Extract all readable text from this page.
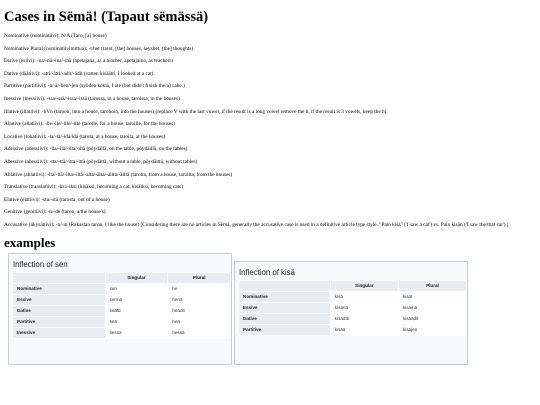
Cases in Sëmä! (Tapaut sëmässä)

Nominative (nominatiivi): N/A (Taro, [a] house)

Nominative Plural (nominatiivimittua): -t/het (tarot, [the] houses, šeyshet, [the] thoughts)

Essive (esiivi): -na/-nä/-ina/-inä (apetajana, as a teacher, apetajaina, as teachers)

Dative (däätiivi): -atti/-ätti/-adit/-ädit (vatten kisäätti, I looked at a cat).

Partitive (partitiivi): -a/-ä/-hen/-jen (syöden kekiä, I ate (but didn't finish the/a) cake.)

Inessive (inessiivi): -ssa/-ssä/-issa/-issä (tarossa, in a house, taroissa, in the houses)

Illative (illatiivi): -hVn (taroon, into a house, tarohoin, into the houses) [replace V with the last vowel, if the result is a long vowel remove the h, if the result is 3 vowels, keep the h].

Allative (allatiivi): -lle/-lle/-ille/-ille (tarolle, for a house, taroille, for the houses)

Locative (lokatiivi): -ta/-tä/-ida/idä (tarota, at a house, taroita, at the houses)

Adessive (adessiivi): -lla/-llä/-illa/-illä (pöydällä, on the table, pöydäillä, on the tables)

Abessive (abessiivi): -tta/-ttä/-itta/-ittä (pöydättä, without a table, pöydäittä, without tables)

Ablative (ablatiivi): -lta/-ltä/-ilta/-iltä/-alta/-ältä/-ailta/-äiltä (tarolta, from a house, taroilta, from the houses)

Translative (translatiivi): -ksi/-iksi (kisäksi, becoming a cat, kisäiksi, becoming cats)

Elative (elatiivi): -sta/-stä (tarosta, out of a house)

Genitive (genitiivi): -n/-de (taron, a/the house's)

Accusative (äkysätiivi): -n/-in (Rakastan taron, I like the house) [Considering there are no articles in Sëmä, generally the accusative case is used in a definitive article type style. "Pain kisä" ('I saw a cat') vs. Pain kisän ('I saw the/that cat').]

examples
Inflection of sen
	Singular	Plural
Nominative	sen	he
Essive	sennä	henä
Dative	seätti	heädit
Partitive	seä	heä
Inessive	sessä	hessä
Inflection of kisä
	Singular	Plural
Nominative	kisä	kisät
Essive	kisänä	kisäinä
Dative	kisäätti	kisäädit
Partitive	kisää	kisäjen
